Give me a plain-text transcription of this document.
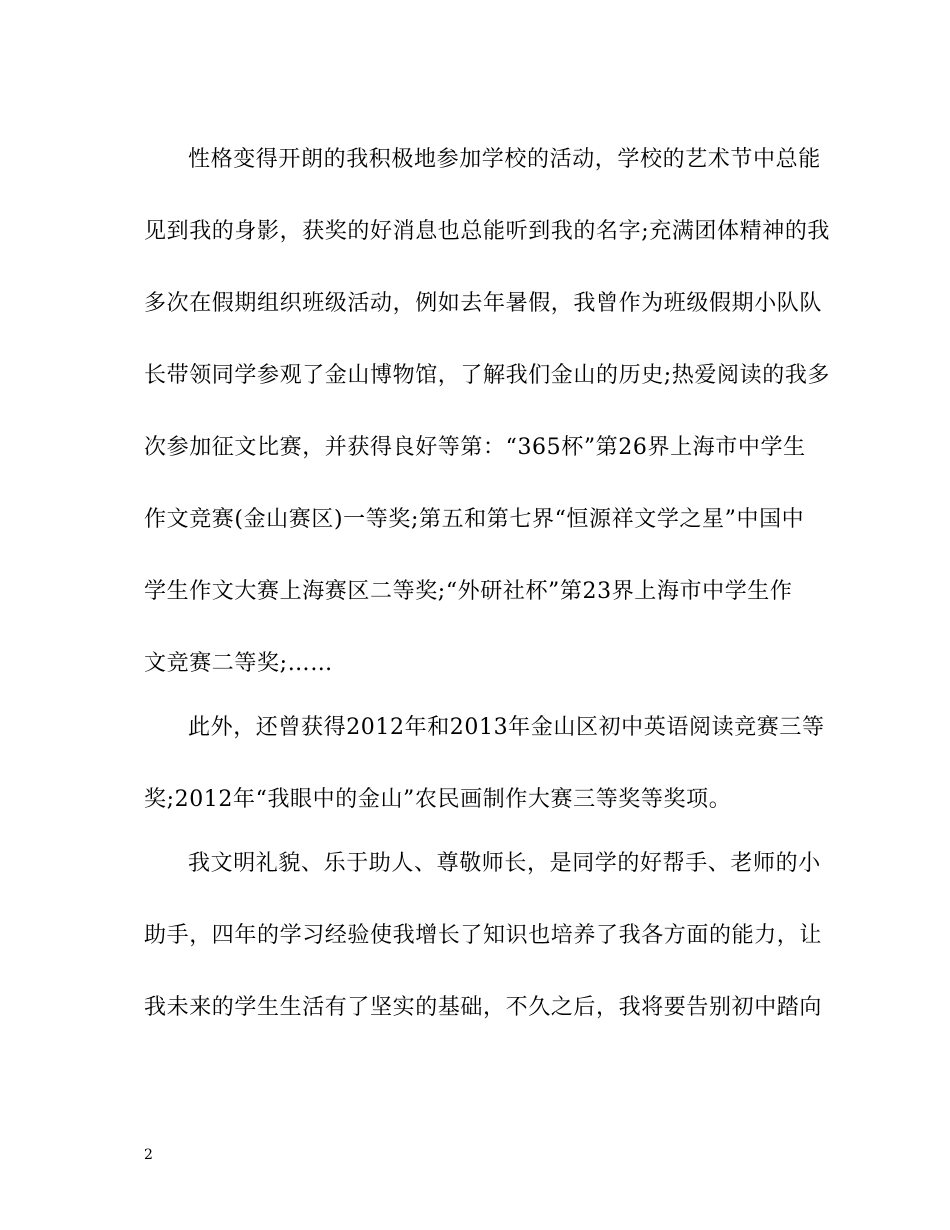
性格变得开朗的我积极地参加学校的活动，学校的艺术节中总能
见到我的身影，获奖的好消息也总能听到我的名字;充满团体精神的我
多次在假期组织班级活动，例如去年暑假，我曾作为班级假期小队队
长带领同学参观了金山博物馆，了解我们金山的历史;热爱阅读的我多
次参加征文比赛，并获得良好等第：“365杯”第26界上海市中学生
作文竞赛(金山赛区)一等奖;第五和第七界“恒源祥文学之星”中国中
学生作文大赛上海赛区二等奖;“外研社杯”第23界上海市中学生作
文竞赛二等奖;……
此外，还曾获得2012年和2013年金山区初中英语阅读竞赛三等
奖;2012年“我眼中的金山”农民画制作大赛三等奖等奖项。
我文明礼貌、乐于助人、尊敬师长，是同学的好帮手、老师的小
助手，四年的学习经验使我增长了知识也培养了我各方面的能力，让
我未来的学生生活有了坚实的基础，不久之后，我将要告别初中踏向
2
